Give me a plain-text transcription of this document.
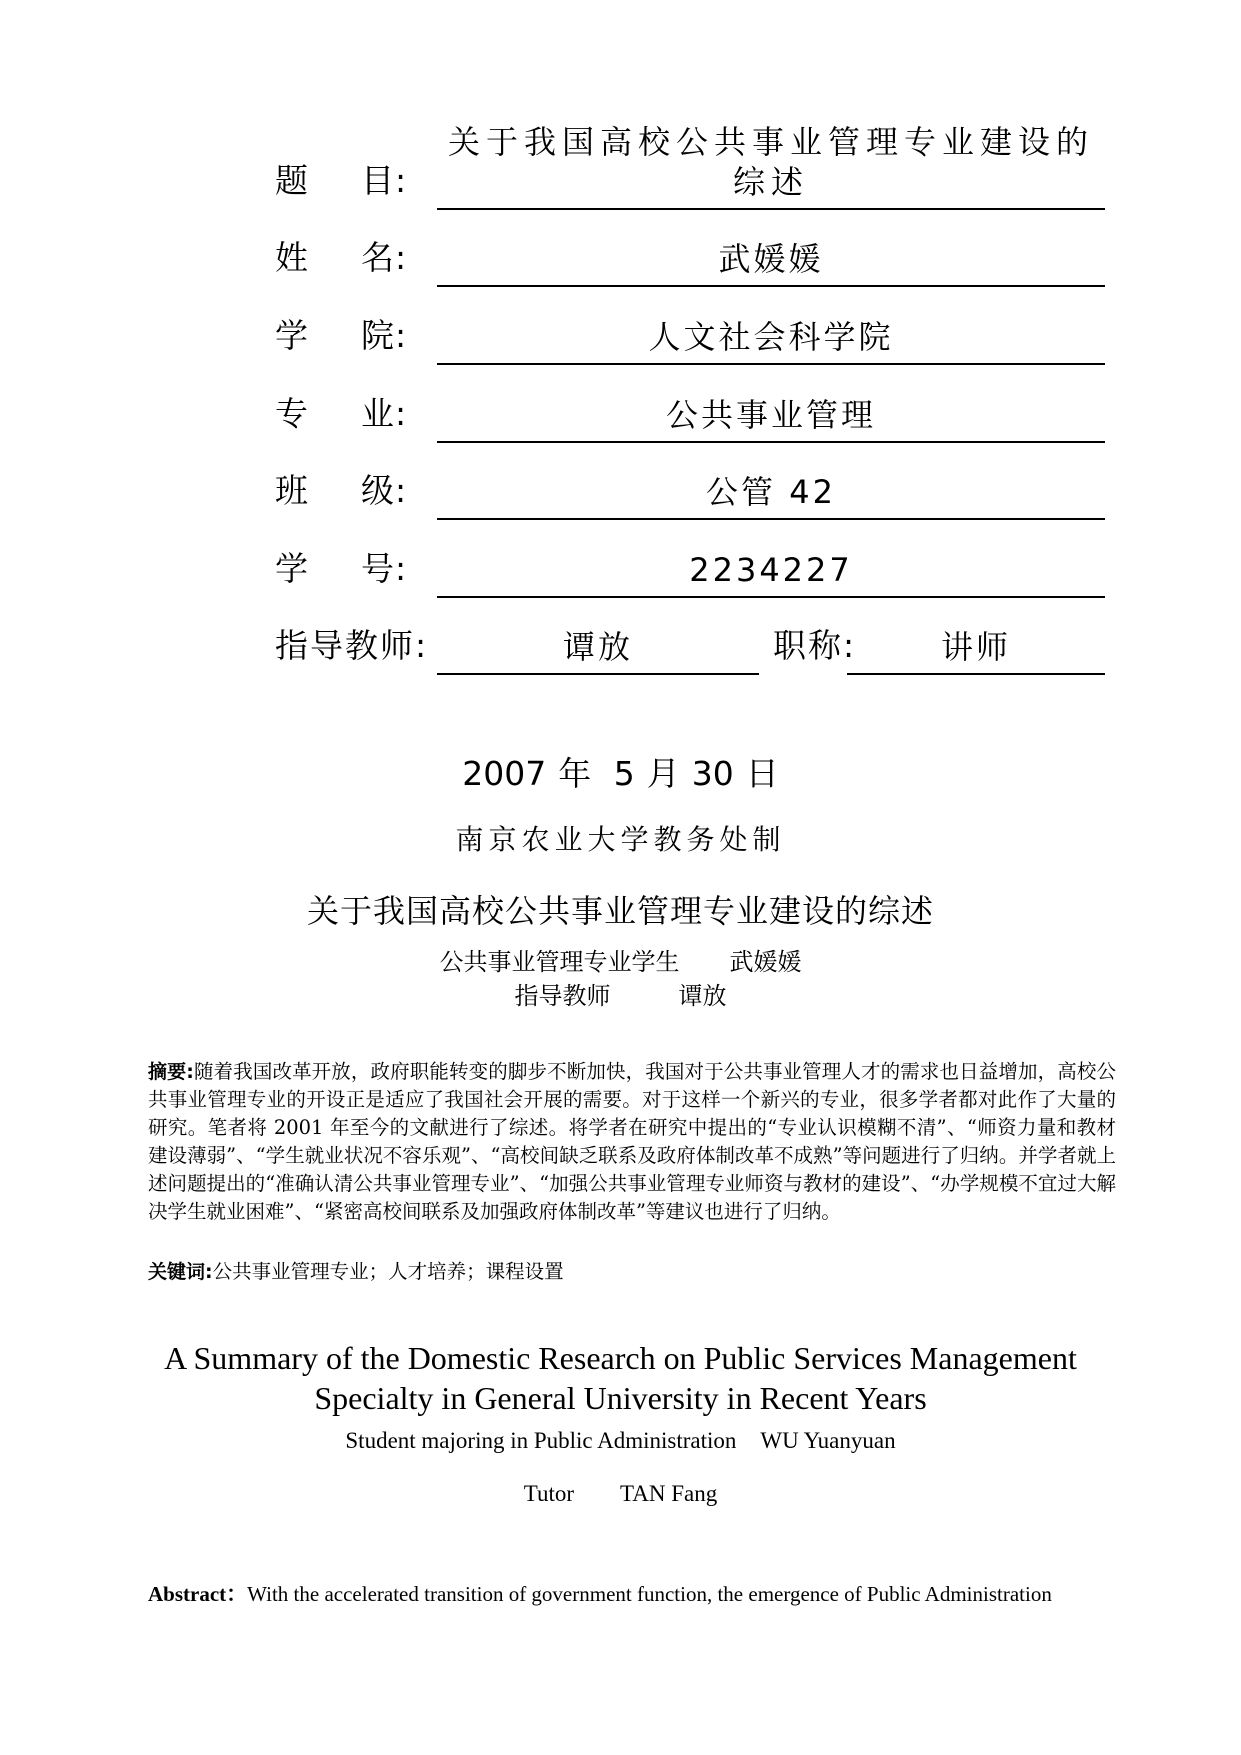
题 目:
关于我国高校公共事业管理专业建设的综述
姓 名:	武媛媛
学 院:	人文社会科学院
专 业:	公共事业管理
班 级:	公管 42
学 号:	2234227
指导教师:	谭放	职称:	讲师
2007 年 5 月 30 日
南京农业大学教务处制
关于我国高校公共事业管理专业建设的综述
公共事业管理专业学生 武媛媛
指导教师	谭放
摘要:随着我国改革开放，政府职能转变的脚步不断加快，我国对于公共事业管理人才的需求也日益增加，高校公共事业管理专业的开设正是适应了我国社会开展的需要。对于这样一个新兴的专业，很多学者都对此作了大量的研究。笔者将 2001 年至今的文献进行了综述。将学者在研究中提出的“专业认识模糊不清”、“师资力量和教材建设薄弱”、“学生就业状况不容乐观”、“高校间缺乏联系及政府体制改革不成熟”等问题进行了归纳。并学者就上述问题提出的“准确认清公共事业管理专业”、“加强公共事业管理专业师资与教材的建设”、“办学规模不宜过大解决学生就业困难”、“紧密高校间联系及加强政府体制改革”等建议也进行了归纳。
关键词:公共事业管理专业；人才培养；课程设置
A Summary of the Domestic Research on Public Services Management
Specialty in General University in Recent Years
Student majoring in Public Administration WU Yuanyuan
Tutor TAN Fang
Abstract：With the accelerated transition of government function, the emergence of Public Administration
